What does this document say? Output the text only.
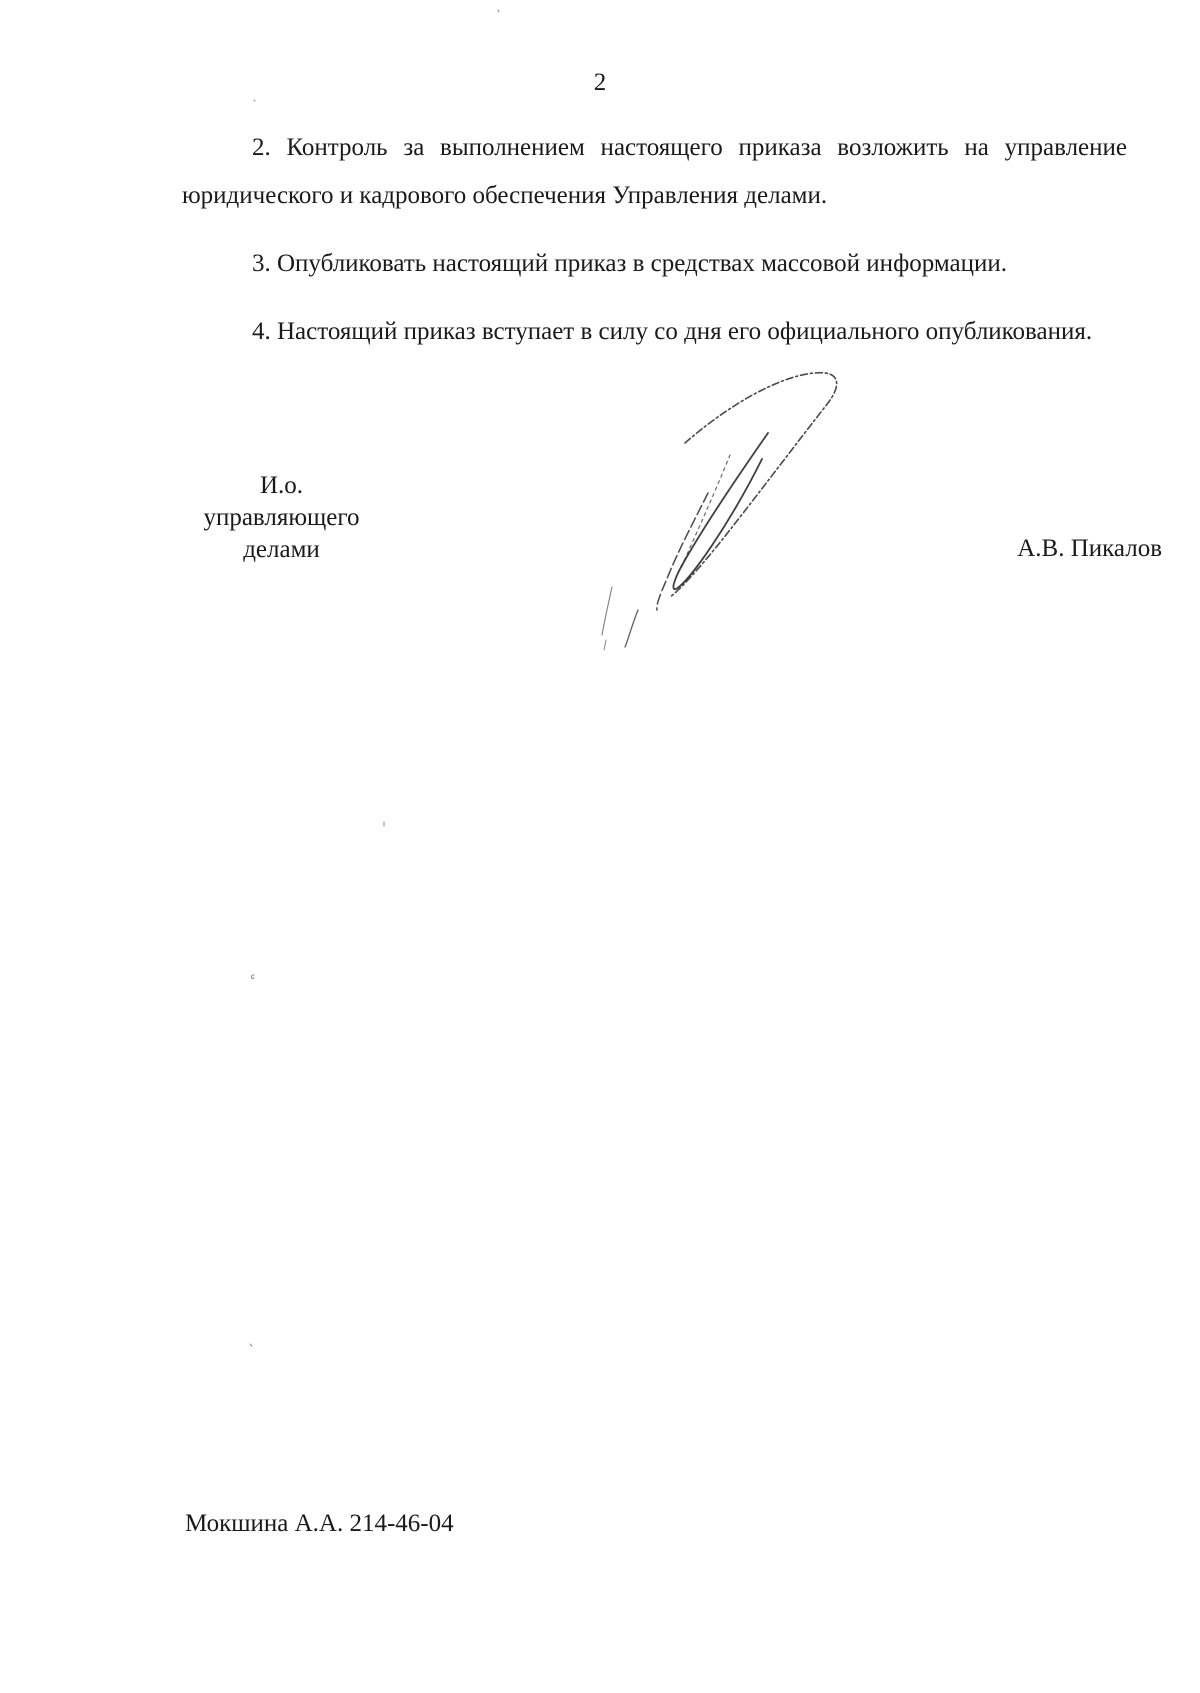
2

2. Контроль за выполнением настоящего приказа возложить на управление юридического и кадрового обеспечения Управления делами.

3. Опубликовать настоящий приказ в средствах массовой информации.

4. Настоящий приказ вступает в силу со дня его официального опубликования.

И.о.
управляющего
делами	А.В. Пикалов
Мокшина А.А. 214-46-04
